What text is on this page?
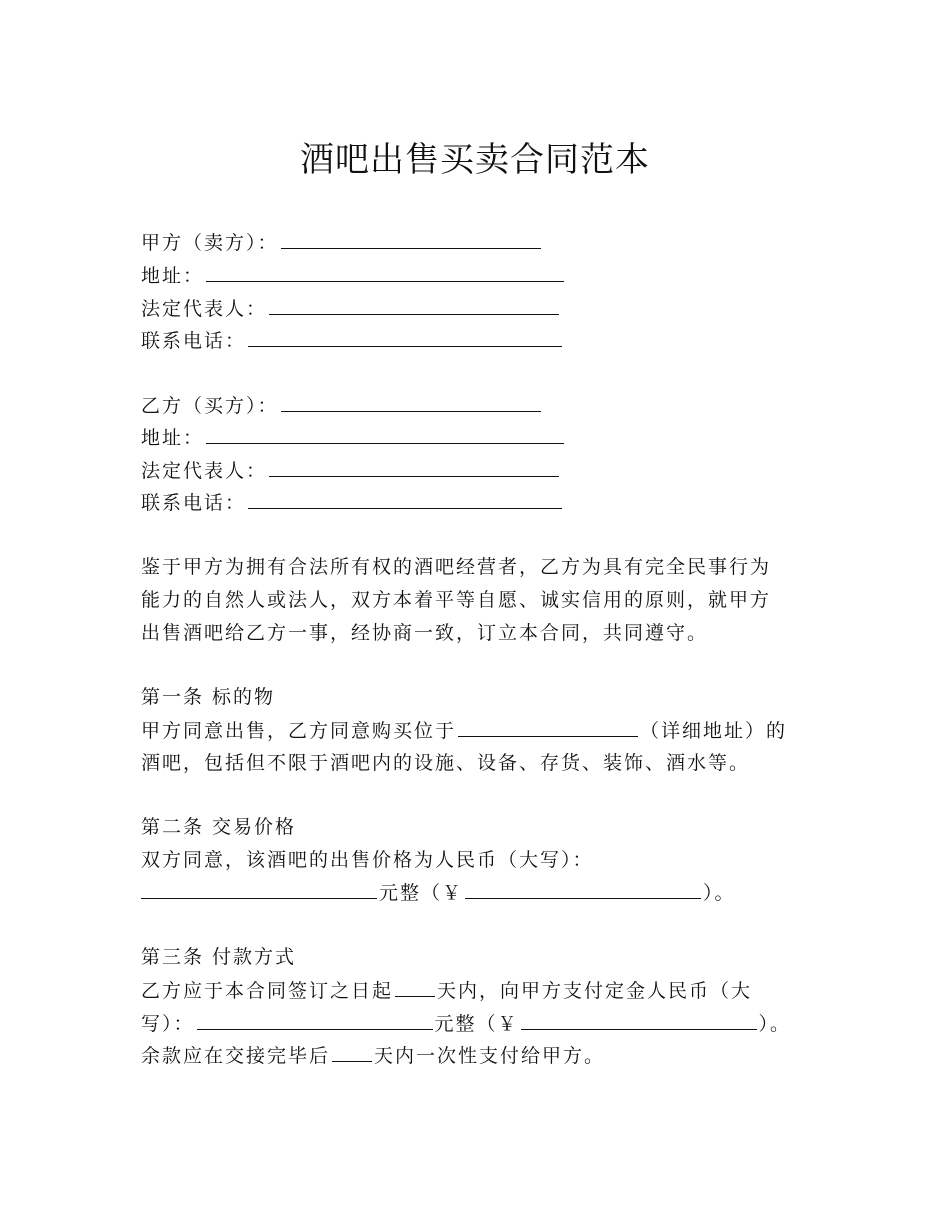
酒吧出售买卖合同范本
甲方（卖方）：
地址：
法定代表人：
联系电话：
乙方（买方）：
地址：
法定代表人：
联系电话：
鉴于甲方为拥有合法所有权的酒吧经营者，乙方为具有完全民事行为
能力的自然人或法人，双方本着平等自愿、诚实信用的原则，就甲方
出售酒吧给乙方一事，经协商一致，订立本合同，共同遵守。
第一条 标的物
甲方同意出售，乙方同意购买位于	（详细地址）的
酒吧，包括但不限于酒吧内的设施、设备、存货、装饰、酒水等。
第二条 交易价格
双方同意，该酒吧的出售价格为人民币（大写）：
元整（￥	）。
第三条 付款方式
乙方应于本合同签订之日起 天内，向甲方支付定金人民币（大
写）：	元整（￥	）。
余款应在交接完毕后 天内一次性支付给甲方。
